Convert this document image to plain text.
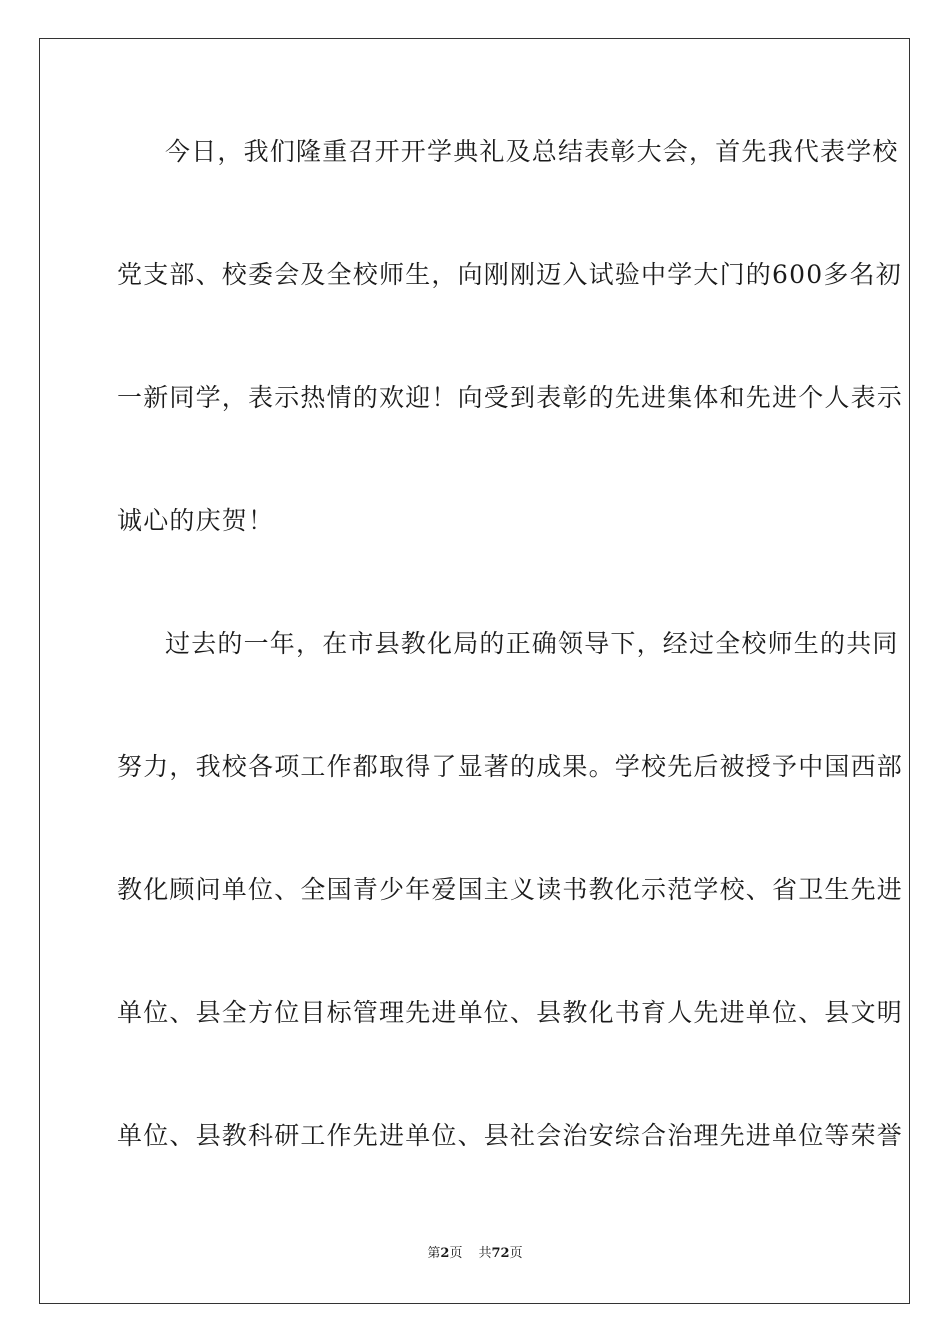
今日，我们隆重召开开学典礼及总结表彰大会，首先我代表学校
党支部、校委会及全校师生，向刚刚迈入试验中学大门的600多名初
一新同学，表示热情的欢迎！向受到表彰的先进集体和先进个人表示
诚心的庆贺！
过去的一年，在市县教化局的正确领导下，经过全校师生的共同
努力，我校各项工作都取得了显著的成果。学校先后被授予中国西部
教化顾问单位、全国青少年爱国主义读书教化示范学校、省卫生先进
单位、县全方位目标管理先进单位、县教化书育人先进单位、县文明
单位、县教科研工作先进单位、县社会治安综合治理先进单位等荣誉
第2页 共72页
